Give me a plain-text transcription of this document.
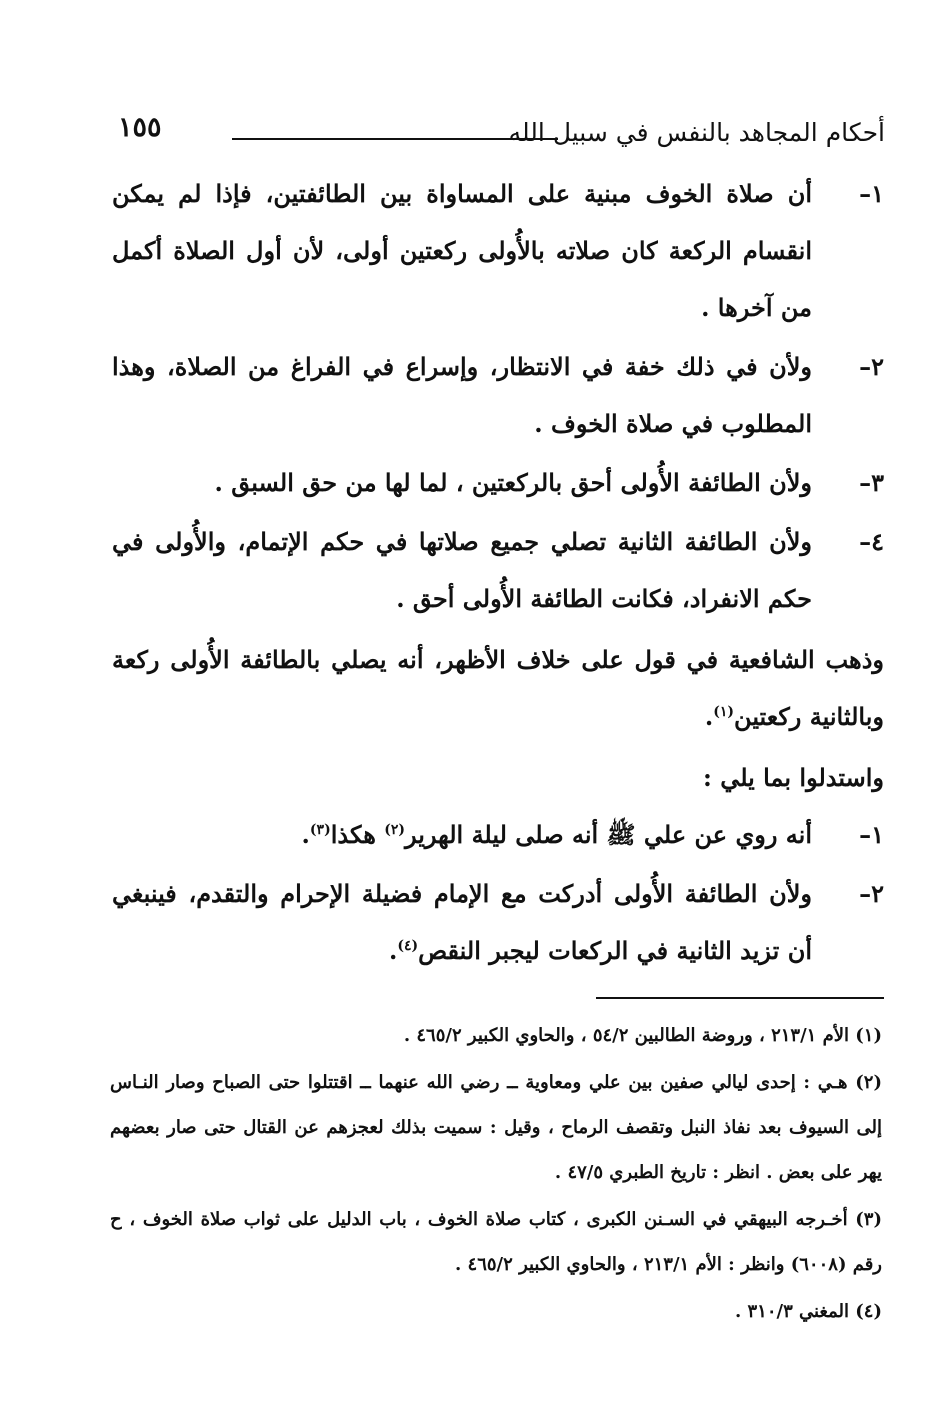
أحكام المجاهد بالنفس في سبيل الله
١٥٥
١–
أن صلاة الخوف مبنية على المساواة بين الطائفتين، فإذا لم يمكن انقسام الركعة كان صلاته بالأُولى ركعتين أولى، لأن أول الصلاة أكمل من آخرها .
٢–
ولأن في ذلك خفة في الانتظار، وإسراع في الفراغ من الصلاة، وهذا المطلوب في صلاة الخوف .
٣–
ولأن الطائفة الأُولى أحق بالركعتين ، لما لها من حق السبق .
٤–
ولأن الطائفة الثانية تصلي جميع صلاتها في حكم الإتمام، والأُولى في حكم الانفراد، فكانت الطائفة الأُولى أحق .
وذهب الشافعية في قول على خلاف الأظهر، أنه يصلي بالطائفة الأُولى ركعة وبالثانية ركعتين$^{(١)}$.
واستدلوا بما يلي :
١–
أنه روي عن علي ﷺ أنه صلى ليلة الهرير$^{(٢)}$ هكذا$^{(٣)}$.
٢–
ولأن الطائفة الأُولى أدركت مع الإمام فضيلة الإحرام والتقدم، فينبغي أن تزيد الثانية في الركعات ليجبر النقص$^{(٤)}$.
(١) الأم ٢١٣/١ ، وروضة الطالبين ٥٤/٢ ، والحاوي الكبير ٤٦٥/٢ .
(٢) هـي : إحدى ليالي صفين بين علي ومعاوية ــ رضي الله عنهما ــ اقتتلوا حتى الصباح وصار النـاس إلى السيوف بعد نفاذ النبل وتقصف الرماح ، وقيل : سميت بذلك لعجزهم عن القتال حتى صار بعضهم يهر على بعض . انظر : تاريخ الطبري ٤٧/٥ .
(٣) أخـرجه البيهقي في السـنن الكبرى ، كتاب صلاة الخوف ، باب الدليل على ثواب صلاة الخوف ، ح رقم (٦٠٠٨) وانظر : الأم ٢١٣/١ ، والحاوي الكبير ٤٦٥/٢ .
(٤) المغني ٣١٠/٣ .
